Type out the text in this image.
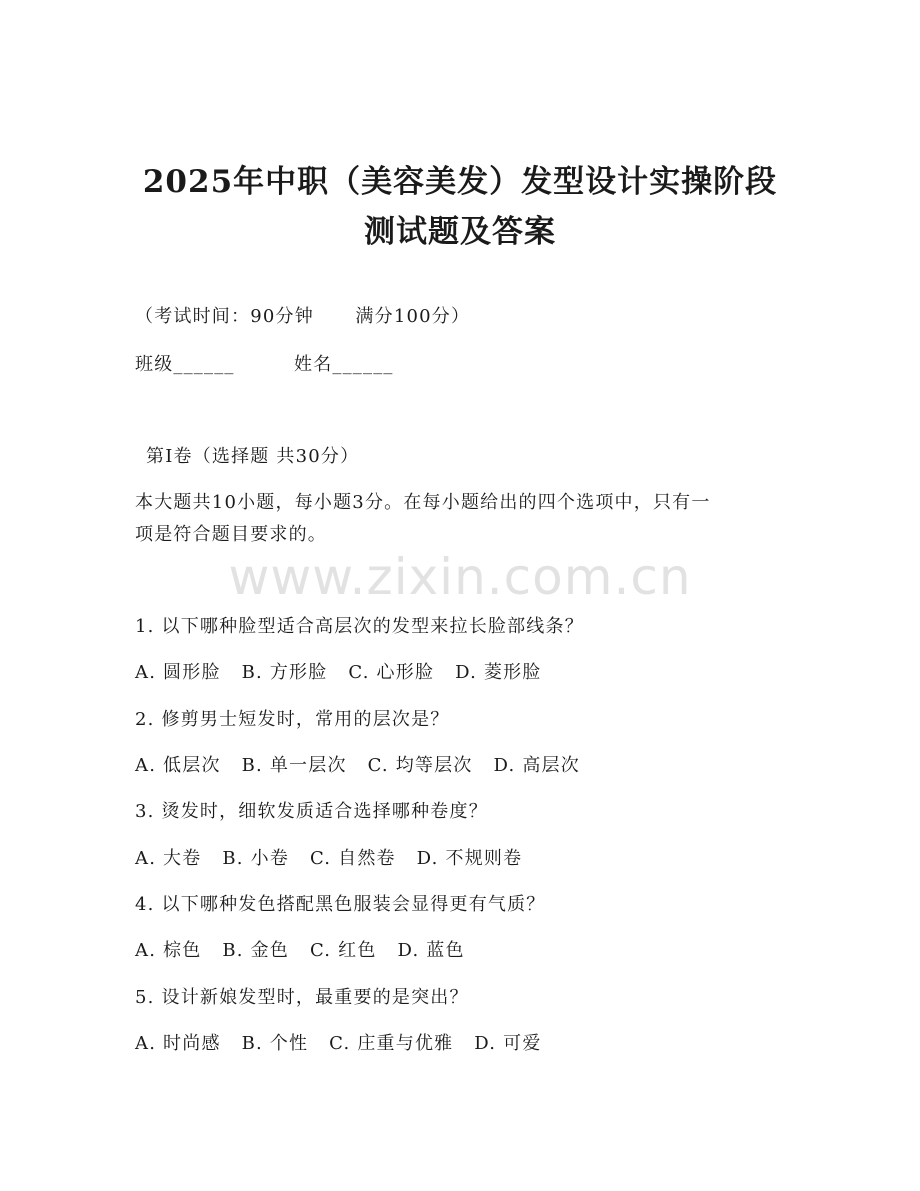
2025年中职（美容美发）发型设计实操阶段
测试题及答案
（考试时间：90分钟      满分100分）
班级______	姓名______
第Ⅰ卷（选择题 共30分）
本大题共10小题，每小题3分。在每小题给出的四个选项中，只有一
项是符合题目要求的。
www.zixin.com.cn
1. 以下哪种脸型适合高层次的发型来拉长脸部线条？
A. 圆形脸 B. 方形脸 C. 心形脸 D. 菱形脸
2. 修剪男士短发时，常用的层次是？
A. 低层次 B. 单一层次 C. 均等层次 D. 高层次
3. 烫发时，细软发质适合选择哪种卷度？
A. 大卷 B. 小卷 C. 自然卷 D. 不规则卷
4. 以下哪种发色搭配黑色服装会显得更有气质？
A. 棕色 B. 金色 C. 红色 D. 蓝色
5. 设计新娘发型时，最重要的是突出？
A. 时尚感 B. 个性 C. 庄重与优雅 D. 可爱
